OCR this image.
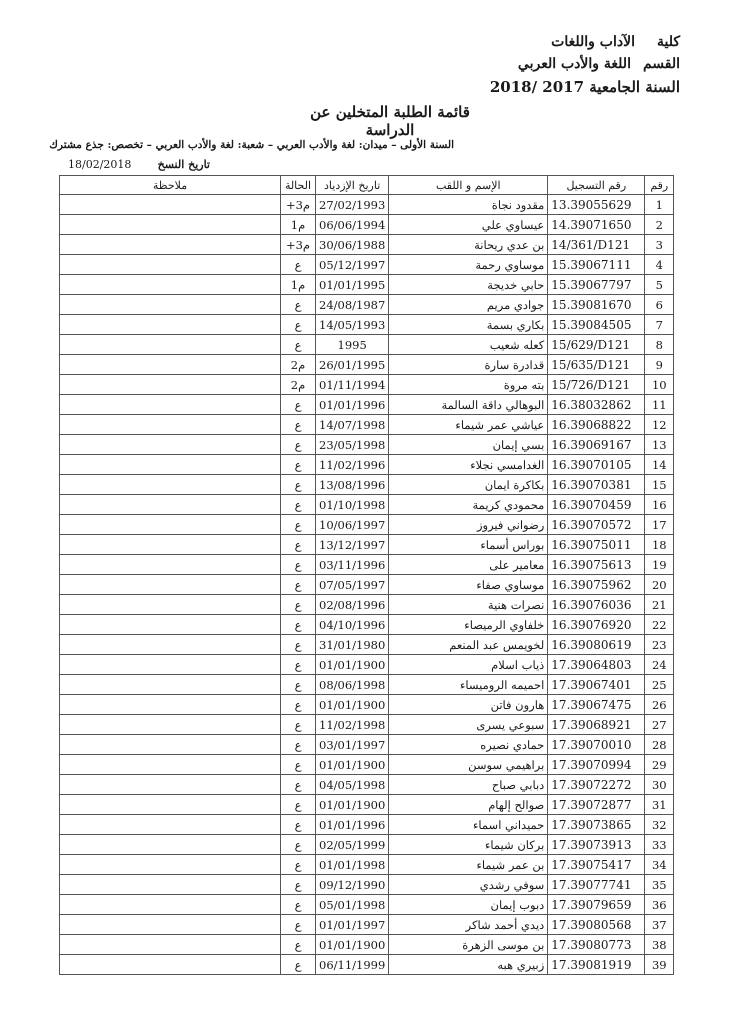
كليةالآداب واللغات
القسماللغة والأدب العربي
السنة الجامعية 2017 /2018
قائمة الطلبة المتخلين عن الدراسة
السنة الأولى – ميدان: لغة والأدب العربي – شعبة: لغة والأدب العربي – تخصص: جذع مشترك
تاريخ النسخ
18/02/2018
رقم	رقم التسجيل	الإسم و اللقب	تاريخ الإزدياد	الحالة	ملاحظة
1	13.39055629	مقدود نجاة	27/02/1993	م3+	
2	14.39071650	عيساوي علي	06/06/1994	م1	
3	14/361/D121	بن عدي ريحانة	30/06/1988	م3+	
4	15.39067111	موساوي رحمة	05/12/1997	ع	
5	15.39067797	حابي خديجة	01/01/1995	م1	
6	15.39081670	جوادي مريم	24/08/1987	ع	
7	15.39084505	بكاري بسمة	14/05/1993	ع	
8	15/629/D121	كعله شعيب	1995	ع	
9	15/635/D121	قدادرة سارة	26/01/1995	م2	
10	15/726/D121	بته مروة	01/11/1994	م2	
11	16.38032862	البوهالي داقة السالمة	01/01/1996	ع	
12	16.39068822	عياشي عمر شيماء	14/07/1998	ع	
13	16.39069167	بسي إيمان	23/05/1998	ع	
14	16.39070105	الغدامسي نجلاء	11/02/1996	ع	
15	16.39070381	بكاكرة ايمان	13/08/1996	ع	
16	16.39070459	محمودي كريمة	01/10/1998	ع	
17	16.39070572	رضواني فيروز	10/06/1997	ع	
18	16.39075011	بوراس أسماء	13/12/1997	ع	
19	16.39075613	معامير على	03/11/1996	ع	
20	16.39075962	موساوي صفاء	07/05/1997	ع	
21	16.39076036	نصرات هنية	02/08/1996	ع	
22	16.39076920	خلفاوي الرميصاء	04/10/1996	ع	
23	16.39080619	لخويمس عبد المنعم	31/01/1980	ع	
24	17.39064803	ذياب اسلام	01/01/1900	ع	
25	17.39067401	احميمه الروميساء	08/06/1998	ع	
26	17.39067475	هارون فاتن	01/01/1900	ع	
27	17.39068921	سبوعي يسرى	11/02/1998	ع	
28	17.39070010	حمادي نصيره	03/01/1997	ع	
29	17.39070994	براهيمي سوسن	01/01/1900	ع	
30	17.39072272	دبابي صباح	04/05/1998	ع	
31	17.39072877	صوالح إلهام	01/01/1900	ع	
32	17.39073865	حميداني اسماء	01/01/1996	ع	
33	17.39073913	بركان شيماء	02/05/1999	ع	
34	17.39075417	بن عمر شيماء	01/01/1998	ع	
35	17.39077741	سوفي رشدي	09/12/1990	ع	
36	17.39079659	دبوب إيمان	05/01/1998	ع	
37	17.39080568	ديدي أحمد شاكر	01/01/1997	ع	
38	17.39080773	بن موسى الزهرة	01/01/1900	ع	
39	17.39081919	زبيري هبه	06/11/1999	ع	
